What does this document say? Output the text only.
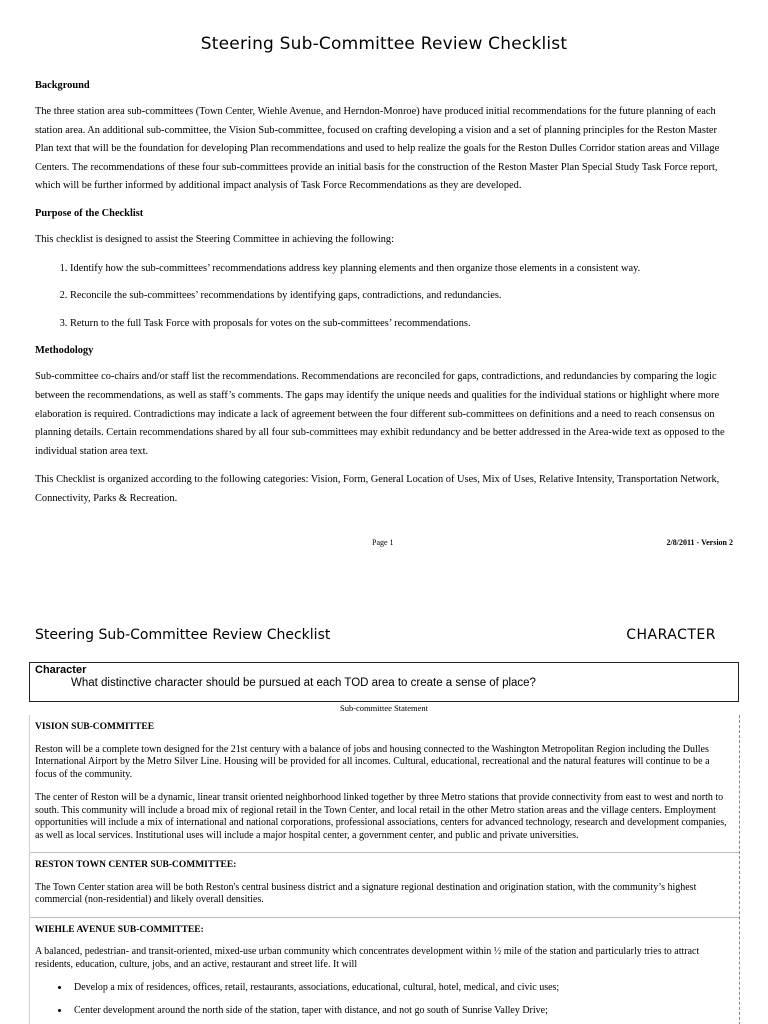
Steering Sub-Committee Review Checklist
Background

The three station area sub-committees (Town Center, Wiehle Avenue, and Herndon-Monroe) have produced initial recommendations for the future planning of each station area. An additional sub-committee, the Vision Sub-committee, focused on crafting developing a vision and a set of planning principles for the Reston Master Plan text that will be the foundation for developing Plan recommendations and used to help realize the goals for the Reston Dulles Corridor station areas and Village Centers. The recommendations of these four sub-committees provide an initial basis for the construction of the Reston Master Plan Special Study Task Force report, which will be further informed by additional impact analysis of Task Force Recommendations as they are developed.

Purpose of the Checklist

This checklist is designed to assist the Steering Committee in achieving the following:

1. Identify how the sub-committees’ recommendations address key planning elements and then organize those elements in a consistent way.
2. Reconcile the sub-committees’ recommendations by identifying gaps, contradictions, and redundancies.
3. Return to the full Task Force with proposals for votes on the sub-committees’ recommendations.
Methodology

Sub-committee co-chairs and/or staff list the recommendations. Recommendations are reconciled for gaps, contradictions, and redundancies by comparing the logic between the recommendations, as well as staff’s comments. The gaps may identify the unique needs and qualities for the individual stations or highlight where more elaboration is required. Contradictions may indicate a lack of agreement between the four different sub-committees on definitions and a need to reach consensus on planning details. Certain recommendations shared by all four sub-committees may exhibit redundancy and be better addressed in the Area-wide text as opposed to the individual station area text.

This Checklist is organized according to the following categories: Vision, Form, General Location of Uses, Mix of Uses, Relative Intensity, Transportation Network, Connectivity, Parks & Recreation.

Page 1	2/8/2011 - Version 2
Steering Sub-Committee Review Checklist	CHARACTER
Character
What distinctive character should be pursued at each TOD area to create a sense of place?
Sub-committee Statement
VISION SUB-COMMITTEE

Reston will be a complete town designed for the 21st century with a balance of jobs and housing connected to the Washington Metropolitan Region including the Dulles International Airport by the Metro Silver Line. Housing will be provided for all incomes. Cultural, educational, recreational and the natural features will continue to be a focus of the community.

The center of Reston will be a dynamic, linear transit oriented neighborhood linked together by three Metro stations that provide connectivity from east to west and north to south. This community will include a broad mix of regional retail in the Town Center, and local retail in the other Metro station areas and the village centers. Employment opportunities will include a mix of international and national corporations, professional associations, centers for advanced technology, research and development companies, as well as local services. Institutional uses will include a major hospital center, a government center, and public and private universities.

RESTON TOWN CENTER SUB-COMMITTEE:

The Town Center station area will be both Reston's central business district and a signature regional destination and origination station, with the community’s highest commercial (non-residential) and likely overall densities.

WIEHLE AVENUE SUB-COMMITTEE:

A balanced, pedestrian- and transit-oriented, mixed-use urban community which concentrates development within ½ mile of the station and particularly tries to attract residents, education, culture, jobs, and an active, restaurant and street life. It will

• Develop a mix of residences, offices, retail, restaurants, associations, educational, cultural, hotel, medical, and civic uses;
• Center development around the north side of the station, taper with distance, and not go south of Sunrise Valley Drive;
